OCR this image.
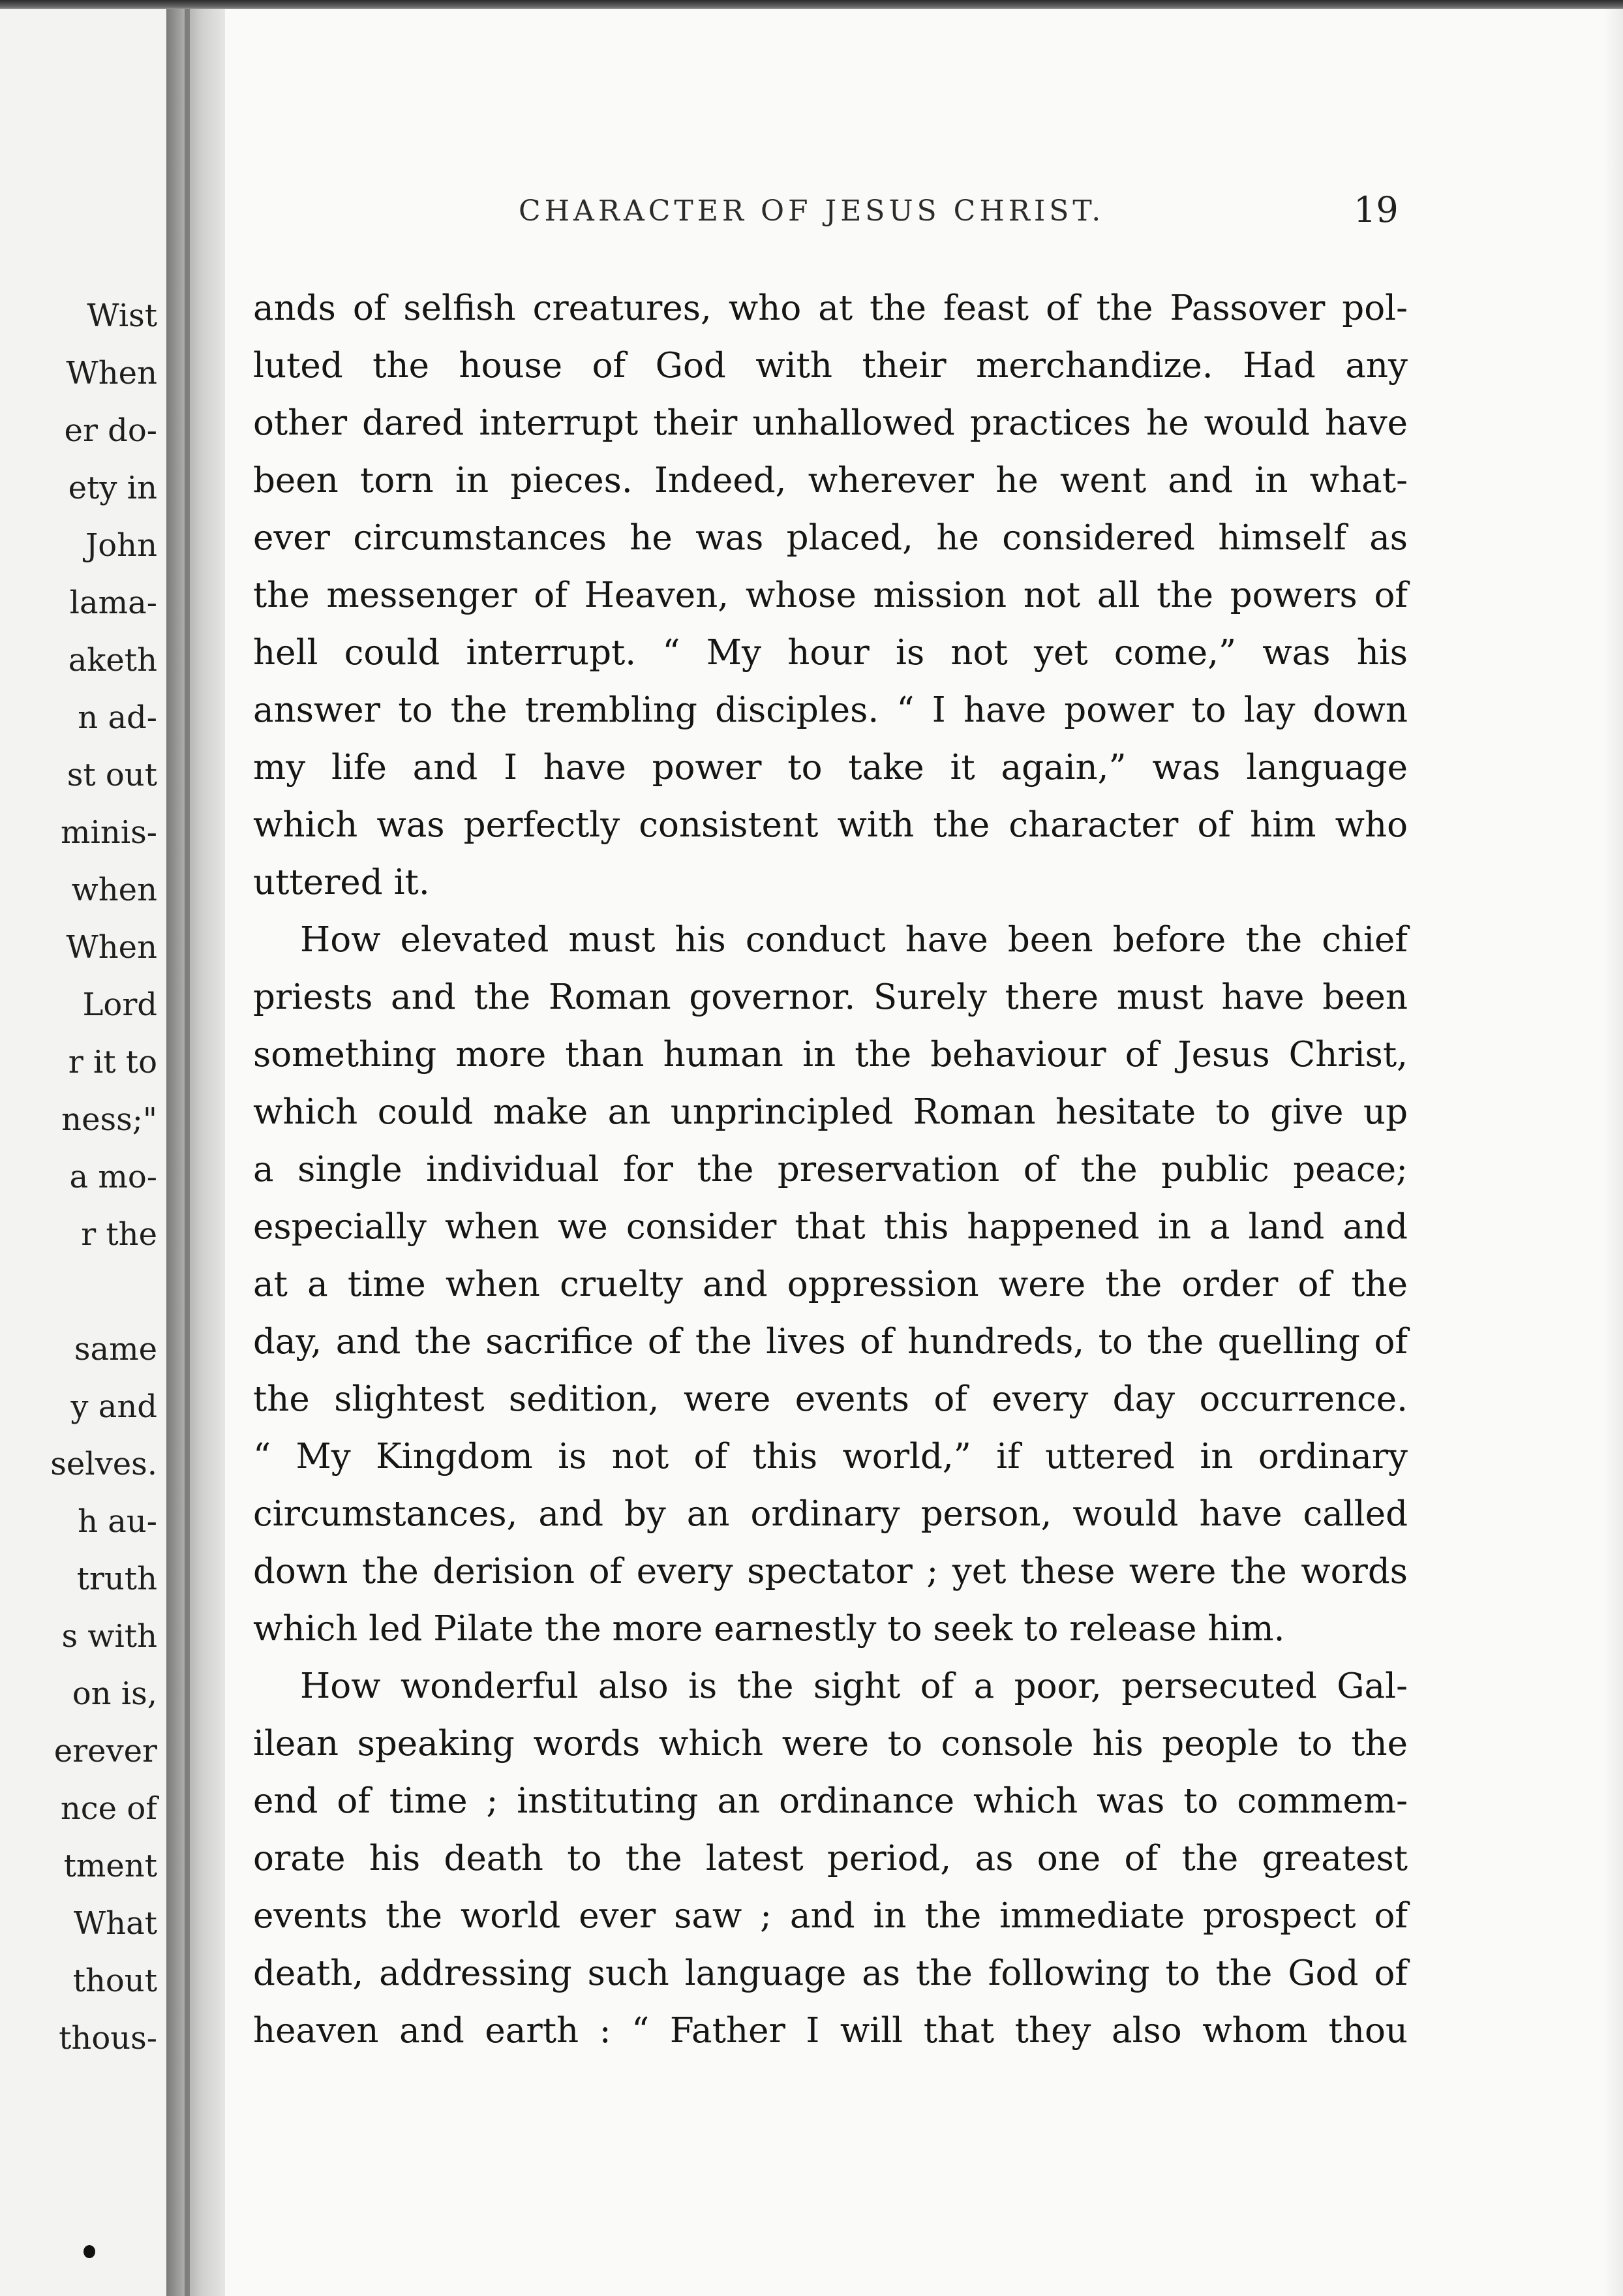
Wist
When
er do-
ety in
John
lama-
aketh
n ad-
st out
minis-
when
When
Lord
r it to
ness;"
a mo-
r the
same
y and
selves.
h au-
truth
s with
on is,
erever
nce of
tment
What
thout
thous-
CHARACTER OF JESUS CHRIST.	19
ands of selfish creatures, who at the feast of the Passover pol-
luted the house of God with their merchandize. Had any
other dared interrupt their unhallowed practices he would have
been torn in pieces. Indeed, wherever he went and in what-
ever circumstances he was placed, he considered himself as
the messenger of Heaven, whose mission not all the powers of
hell could interrupt. “ My hour is not yet come,” was his
answer to the trembling disciples. “ I have power to lay down
my life and I have power to take it again,” was language
which was perfectly consistent with the character of him who
uttered it.
How elevated must his conduct have been before the chief
priests and the Roman governor. Surely there must have been
something more than human in the behaviour of Jesus Christ,
which could make an unprincipled Roman hesitate to give up
a single individual for the preservation of the public peace;
especially when we consider that this happened in a land and
at a time when cruelty and oppression were the order of the
day, and the sacrifice of the lives of hundreds, to the quelling of
the slightest sedition, were events of every day occurrence.
“ My Kingdom is not of this world,” if uttered in ordinary
circumstances, and by an ordinary person, would have called
down the derision of every spectator ; yet these were the words
which led Pilate the more earnestly to seek to release him.
How wonderful also is the sight of a poor, persecuted Gal-
ilean speaking words which were to console his people to the
end of time ; instituting an ordinance which was to commem-
orate his death to the latest period, as one of the greatest
events the world ever saw ; and in the immediate prospect of
death, addressing such language as the following to the God of
heaven and earth : “ Father I will that they also whom thou
